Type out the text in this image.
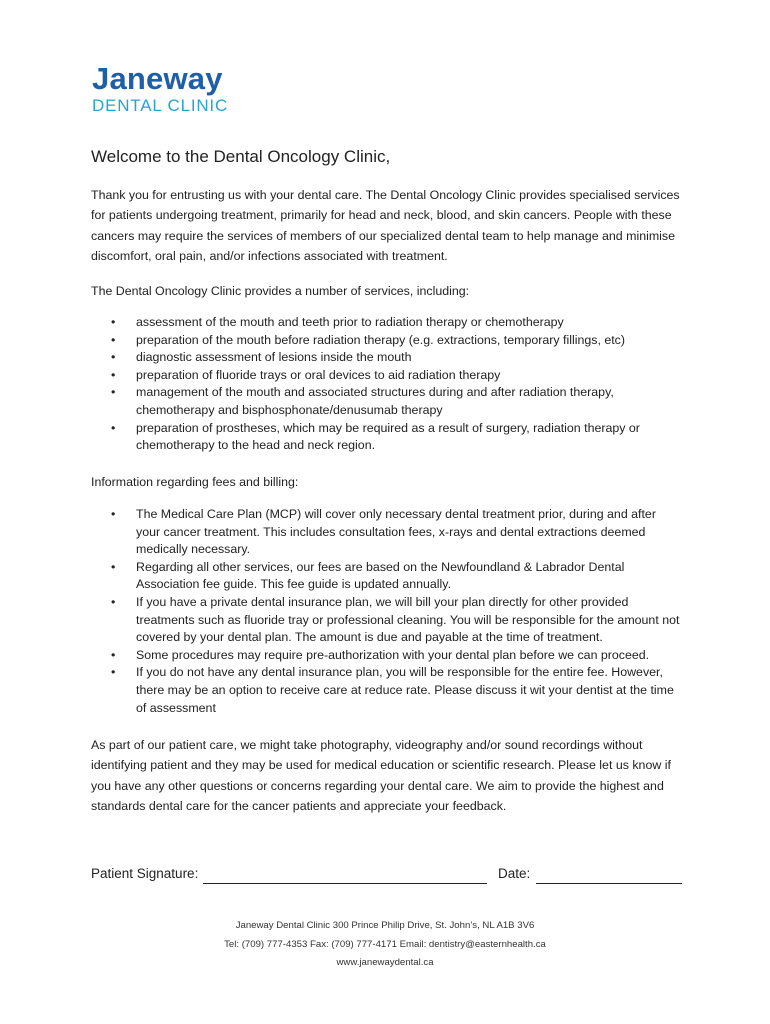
Janeway
DENTAL CLINIC
Welcome to the Dental Oncology Clinic,
Thank you for entrusting us with your dental care. The Dental Oncology Clinic provides specialised services for patients undergoing treatment, primarily for head and neck, blood, and skin cancers. People with these cancers may require the services of members of our specialized dental team to help manage and minimise discomfort, oral pain, and/or infections associated with treatment.
The Dental Oncology Clinic provides a number of services, including:
• assessment of the mouth and teeth prior to radiation therapy or chemotherapy
• preparation of the mouth before radiation therapy (e.g. extractions, temporary fillings, etc)
• diagnostic assessment of lesions inside the mouth
• preparation of fluoride trays or oral devices to aid radiation therapy
• management of the mouth and associated structures during and after radiation therapy, chemotherapy and bisphosphonate/denusumab therapy
• preparation of prostheses, which may be required as a result of surgery, radiation therapy or chemotherapy to the head and neck region.
Information regarding fees and billing:
• The Medical Care Plan (MCP) will cover only necessary dental treatment prior, during and after your cancer treatment. This includes consultation fees, x-rays and dental extractions deemed medically necessary.
• Regarding all other services, our fees are based on the Newfoundland & Labrador Dental Association fee guide. This fee guide is updated annually.
• If you have a private dental insurance plan, we will bill your plan directly for other provided treatments such as fluoride tray or professional cleaning. You will be responsible for the amount not covered by your dental plan. The amount is due and payable at the time of treatment.
• Some procedures may require pre-authorization with your dental plan before we can proceed.
• If you do not have any dental insurance plan, you will be responsible for the entire fee. However, there may be an option to receive care at reduce rate. Please discuss it wit your dentist at the time of assessment
As part of our patient care, we might take photography, videography and/or sound recordings without identifying patient and they may be used for medical education or scientific research. Please let us know if you have any other questions or concerns regarding your dental care. We aim to provide the highest and standards dental care for the cancer patients and appreciate your feedback.
Patient Signature:	Date:
Janeway Dental Clinic 300 Prince Philip Drive, St. John’s, NL A1B 3V6
Tel: (709) 777-4353 Fax: (709) 777-4171 Email: dentistry@easternhealth.ca
www.janewaydental.ca
